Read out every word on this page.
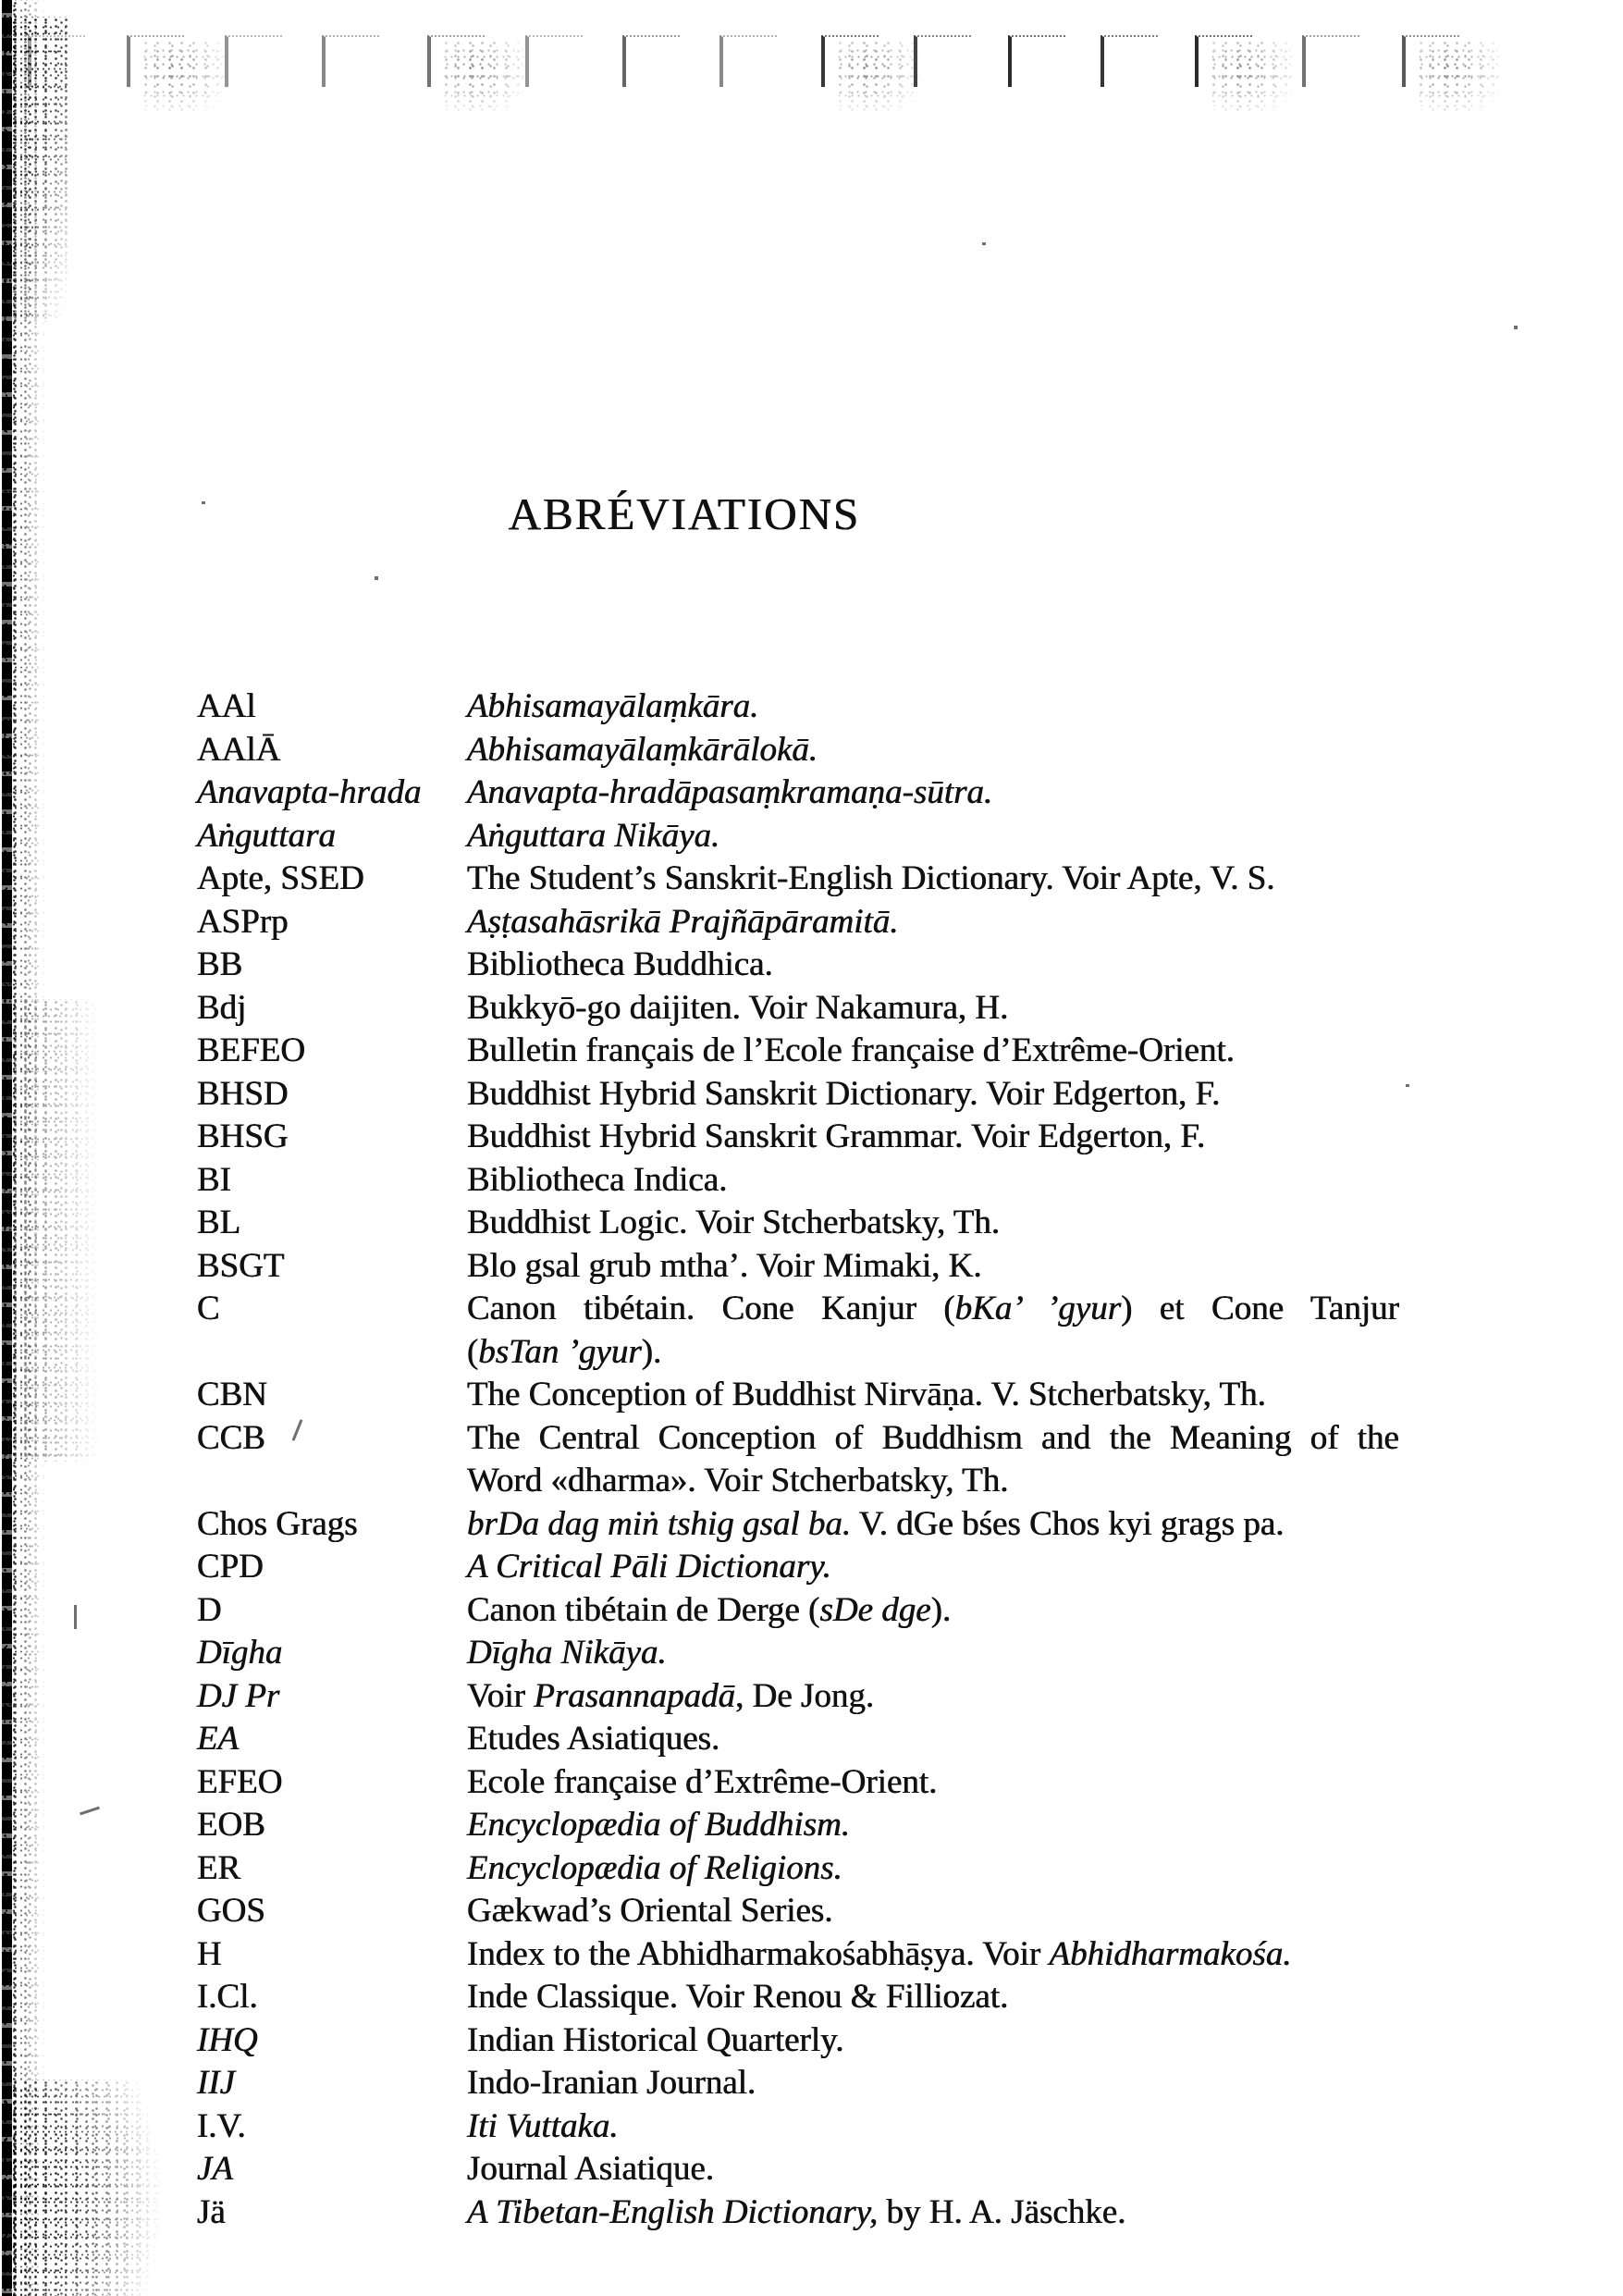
ABRÉVIATIONS
AAl	Abhisamayālaṃkāra.
AAlĀ	Abhisamayālaṃkārālokā.
Anavapta-hrada	Anavapta-hradāpasaṃkramaṇa-sūtra.
Aṅguttara	Aṅguttara Nikāya.
Apte, SSED	The Student’s Sanskrit-English Dictionary. Voir Apte, V. S.
ASPrp	Aṣṭasahāsrikā Prajñāpāramitā.
BB	Bibliotheca Buddhica.
Bdj	Bukkyō-go daijiten. Voir Nakamura, H.
BEFEO	Bulletin français de l’Ecole française d’Extrême-Orient.
BHSD	Buddhist Hybrid Sanskrit Dictionary. Voir Edgerton, F.
BHSG	Buddhist Hybrid Sanskrit Grammar. Voir Edgerton, F.
BI	Bibliotheca Indica.
BL	Buddhist Logic. Voir Stcherbatsky, Th.
BSGT	Blo gsal grub mtha’. Voir Mimaki, K.
C	Canon tibétain. Cone Kanjur (bKa’ ’gyur) et Cone Tanjur
(bsTan ’gyur).
CBN	The Conception of Buddhist Nirvāṇa. V. Stcherbatsky, Th.
CCB	The Central Conception of Buddhism and the Meaning of the
Word «dharma». Voir Stcherbatsky, Th.
Chos Grags	brDa dag miṅ tshig gsal ba. V. dGe bśes Chos kyi grags pa.
CPD	A Critical Pāli Dictionary.
D	Canon tibétain de Derge (sDe dge).
Dīgha	Dīgha Nikāya.
DJ Pr	Voir Prasannapadā, De Jong.
EA	Etudes Asiatiques.
EFEO	Ecole française d’Extrême-Orient.
EOB	Encyclopædia of Buddhism.
ER	Encyclopædia of Religions.
GOS	Gækwad’s Oriental Series.
H	Index to the Abhidharmakośabhāṣya. Voir Abhidharmakośa.
I.Cl.	Inde Classique. Voir Renou & Filliozat.
IHQ	Indian Historical Quarterly.
IIJ	Indo-Iranian Journal.
I.V.	Iti Vuttaka.
JA	Journal Asiatique.
Jä	A Tibetan-English Dictionary, by H. A. Jäschke.
